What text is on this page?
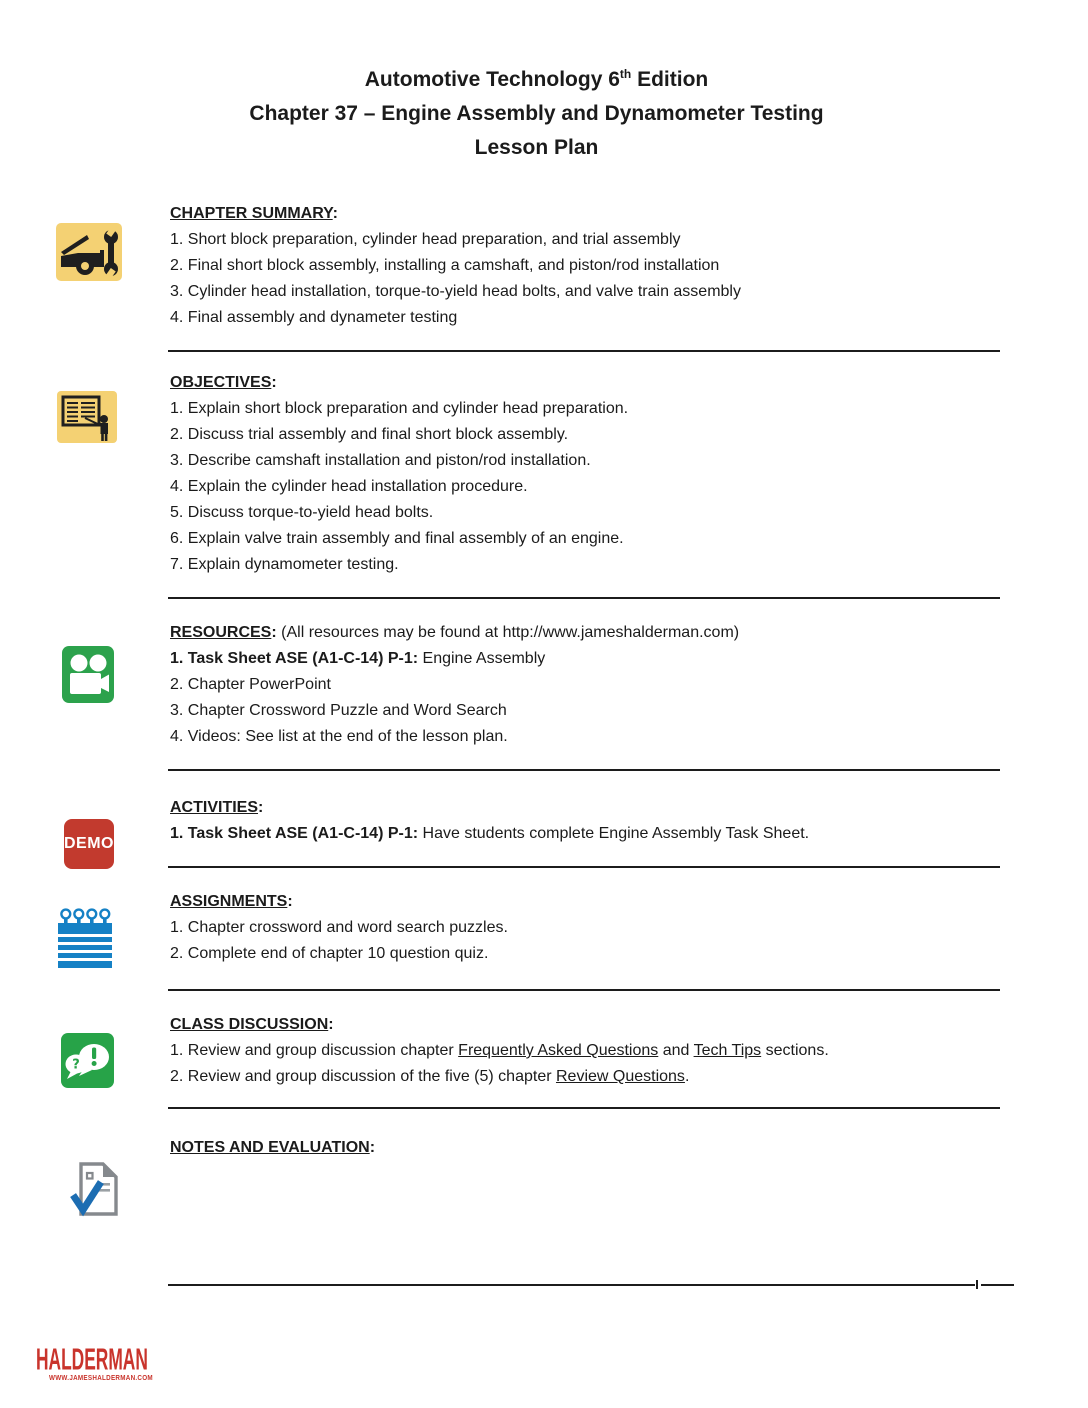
Automotive Technology 6th Edition
Chapter 37 – Engine Assembly and Dynamometer Testing
Lesson Plan
CHAPTER SUMMARY:
1. Short block preparation, cylinder head preparation, and trial assembly
2. Final short block assembly, installing a camshaft, and piston/rod installation
3. Cylinder head installation, torque-to-yield head bolts, and valve train assembly
4. Final assembly and dynameter testing
OBJECTIVES:
1. Explain short block preparation and cylinder head preparation.
2. Discuss trial assembly and final short block assembly.
3. Describe camshaft installation and piston/rod installation.
4. Explain the cylinder head installation procedure.
5. Discuss torque-to-yield head bolts.
6. Explain valve train assembly and final assembly of an engine.
7. Explain dynamometer testing.
RESOURCES: (All resources may be found at http://www.jameshalderman.com)
1. Task Sheet ASE (A1-C-14) P-1: Engine Assembly
2. Chapter PowerPoint
3. Chapter Crossword Puzzle and Word Search
4. Videos: See list at the end of the lesson plan.
DEMO
ACTIVITIES:
1. Task Sheet ASE (A1-C-14) P-1: Have students complete Engine Assembly Task Sheet.
ASSIGNMENTS:
1. Chapter crossword and word search puzzles.
2. Complete end of chapter 10 question quiz.
?
CLASS DISCUSSION:
1. Review and group discussion chapter Frequently Asked Questions and Tech Tips sections.
2. Review and group discussion of the five (5) chapter Review Questions.
NOTES AND EVALUATION:
HALDERMAN
WWW.JAMESHALDERMAN.COM
